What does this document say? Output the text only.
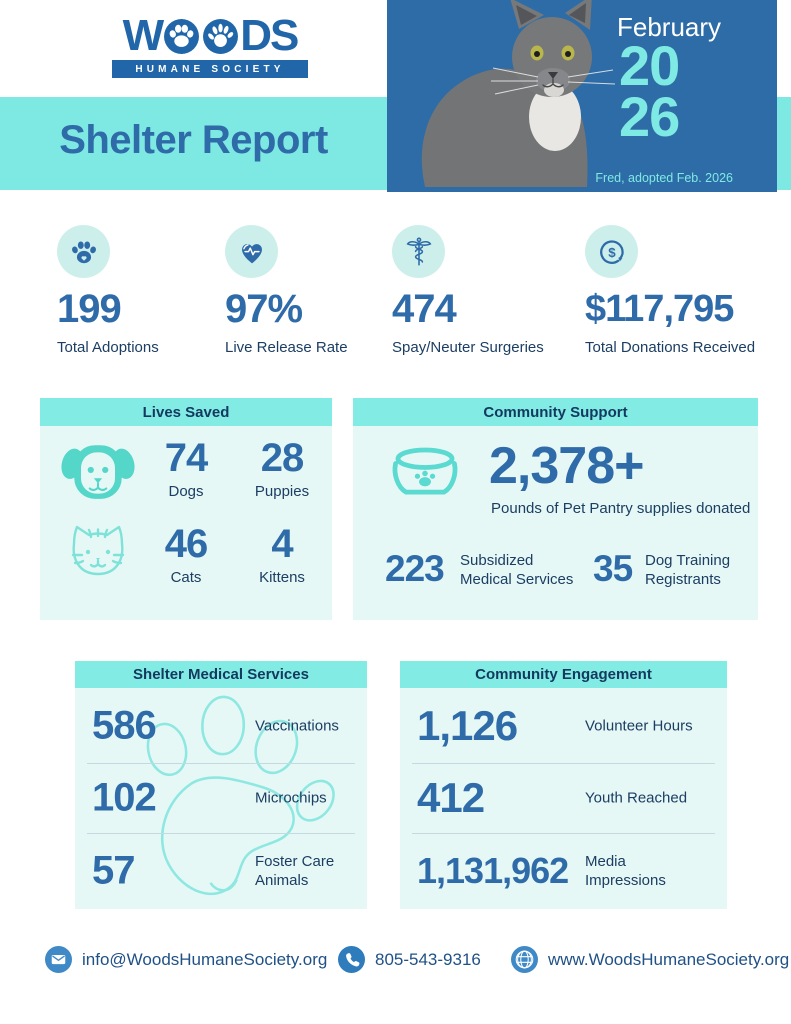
W DS
HUMANE SOCIETY
Shelter Report
February
20
26
Fred, adopted Feb. 2026
199
Total Adoptions
97%
Live Release Rate
474
Spay/Neuter Surgeries
$
$117,795
Total Donations Received
Lives Saved
74
Dogs
28
Puppies
46
Cats
4
Kittens
Community Support
2,378+
Pounds of Pet Pantry supplies donated
223 Subsidized Medical Services 35 Dog Training Registrants
Shelter Medical Services
586	Vaccinations
102	Microchips
57	Foster Care Animals
Community Engagement
1,126	Volunteer Hours
412	Youth Reached
1,131,962 Media Impressions
info@WoodsHumaneSociety.org	805-543-9316	www.WoodsHumaneSociety.org
